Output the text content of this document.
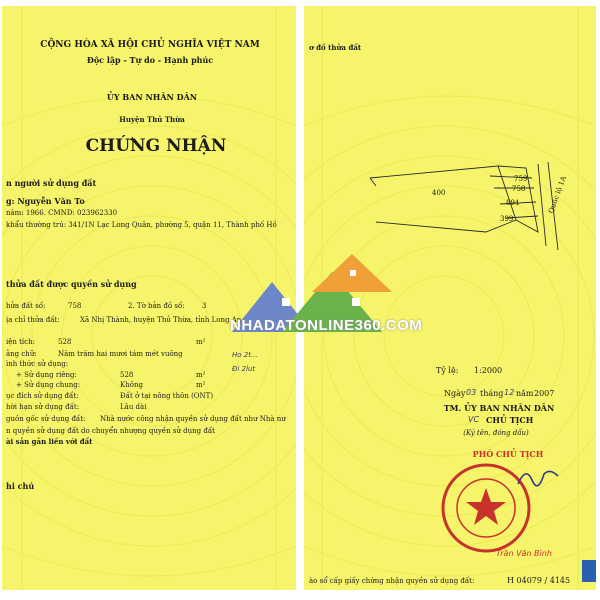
CỘNG HÒA XÃ HỘI CHỦ NGHĨA VIỆT NAM
Độc lập - Tự do - Hạnh phúc
ỦY BAN NHÂN DÂN
Huyện Thủ Thừa
CHỨNG NHẬN
n người sử dụng đất
g: Nguyễn Văn To
năm: 1966. CMND: 023962330
khẩu thường trú: 341/1N Lạc Long Quân, phường 5, quận 11, Thành phố Hồ
thửa đất được quyền sử dụng
hửa đất số:	758	2. Tờ bản đồ số: 3
ịa chỉ thửa đất:	Xã Nhị Thành, huyện Thủ Thừa, tỉnh Long An
iện tích:	528	m²
ằng chữ:	Năm trăm hai mươi tám mét vuông	Ho 2t...
ình thức sử dụng:
Đi 2lut
+ Sử dụng riêng:	528	m²
+ Sử dụng chung:	Không	m²
ục đích sử dụng đất:	Đất ở tại nông thôn (ONT)
hời hạn sử dụng đất:	Lâu dài
guồn gốc sử dụng đất: Nhà nước công nhận quyền sử dụng đất như Nhà nư
n quyền sử dụng đất do chuyển nhượng quyền sử dụng đất
ài sản gắn liền với đất
hi chú
ơ đồ thửa đất
400
759
758
894
399
Quốc lộ 1A
Tỷ lệ: 1:2000
Ngày 03 tháng 12 năm 2007
TM. ỦY BAN NHÂN DÂN
VC CHỦ TỊCH
(Ký tên, đóng dấu)
PHÓ CHỦ TỊCH
Trần Văn Bình
ào sổ cấp giấy chứng nhận quyền sử dụng đất:	H 04079 / 4145
NHADATONLINE360.COM
